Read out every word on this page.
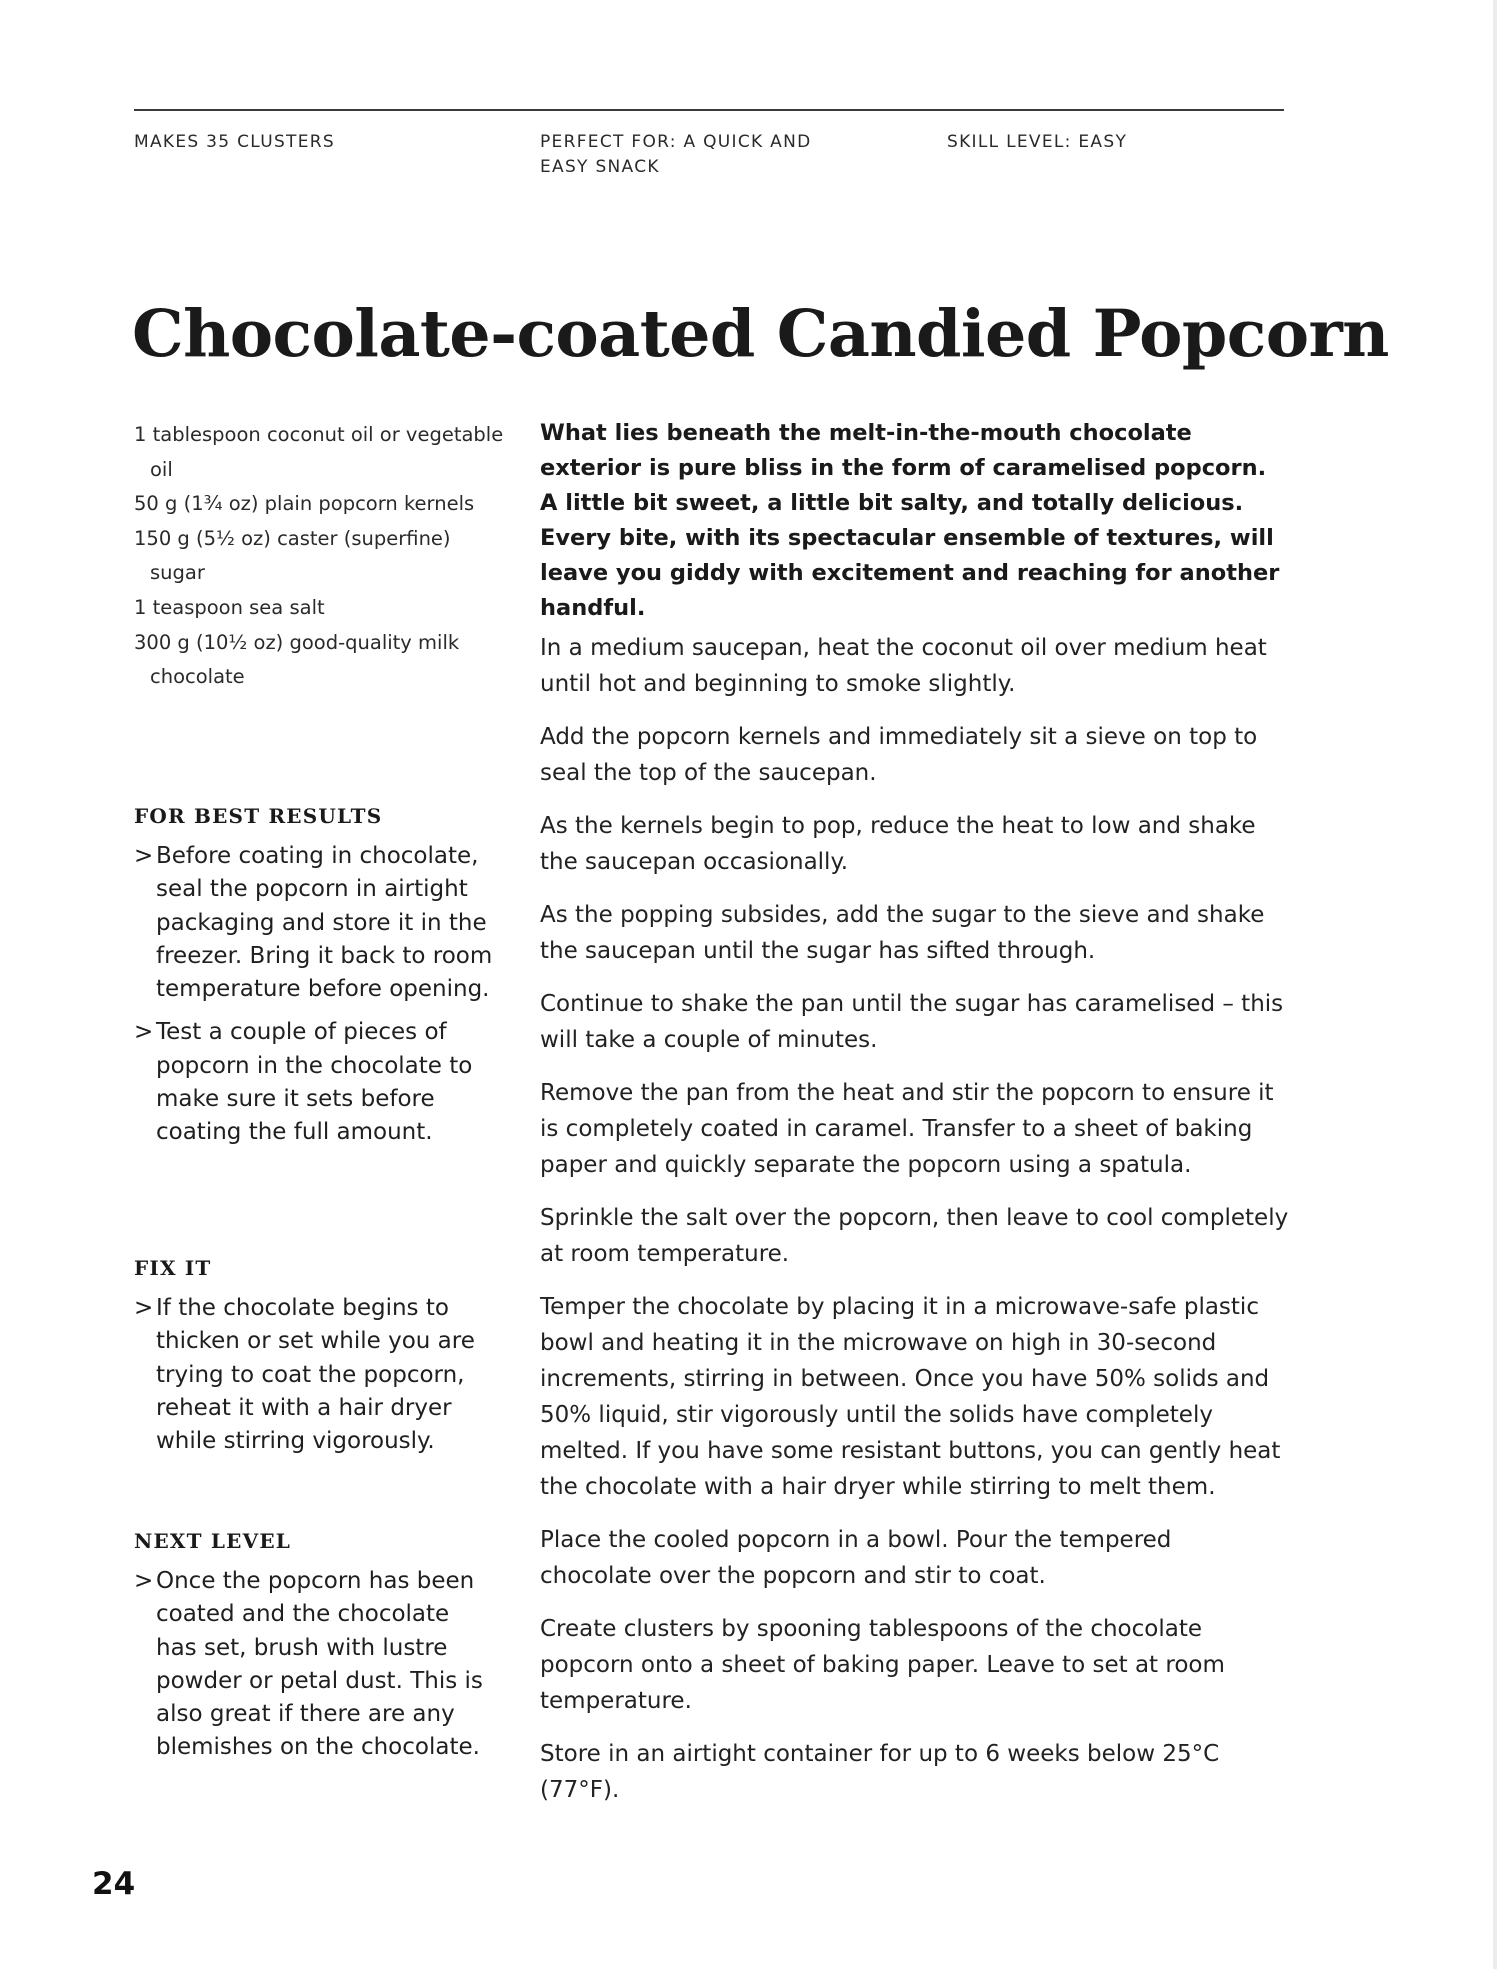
MAKES 35 CLUSTERS	PERFECT FOR: A QUICK AND EASY SNACK
SKILL LEVEL: EASY
Chocolate-coated Candied Popcorn
1 tablespoon coconut oil or vegetable oil
50 g (1¾ oz) plain popcorn kernels
150 g (5½ oz) caster (superfine) sugar
1 teaspoon sea salt
300 g (10½ oz) good-quality milk chocolate
FOR BEST RESULTS
> Before coating in chocolate, seal the popcorn in airtight packaging and store it in the freezer. Bring it back to room temperature before opening.
> Test a couple of pieces of popcorn in the chocolate to make sure it sets before coating the full amount.
FIX IT
> If the chocolate begins to thicken or set while you are trying to coat the popcorn, reheat it with a hair dryer while stirring vigorously.
NEXT LEVEL
> Once the popcorn has been coated and the chocolate has set, brush with lustre powder or petal dust. This is also great if there are any blemishes on the chocolate.

What lies beneath the melt-in-the-mouth chocolate exterior is pure bliss in the form of caramelised popcorn. A little bit sweet, a little bit salty, and totally delicious. Every bite, with its spectacular ensemble of textures, will leave you giddy with excitement and reaching for another handful.

In a medium saucepan, heat the coconut oil over medium heat until hot and beginning to smoke slightly.
Add the popcorn kernels and immediately sit a sieve on top to seal the top of the saucepan.
As the kernels begin to pop, reduce the heat to low and shake the saucepan occasionally.
As the popping subsides, add the sugar to the sieve and shake the saucepan until the sugar has sifted through.
Continue to shake the pan until the sugar has caramelised – this will take a couple of minutes.
Remove the pan from the heat and stir the popcorn to ensure it is completely coated in caramel. Transfer to a sheet of baking paper and quickly separate the popcorn using a spatula.
Sprinkle the salt over the popcorn, then leave to cool completely at room temperature.
Temper the chocolate by placing it in a microwave-safe plastic bowl and heating it in the microwave on high in 30-second increments, stirring in between. Once you have 50% solids and 50% liquid, stir vigorously until the solids have completely melted. If you have some resistant buttons, you can gently heat the chocolate with a hair dryer while stirring to melt them.
Place the cooled popcorn in a bowl. Pour the tempered chocolate over the popcorn and stir to coat.
Create clusters by spooning tablespoons of the chocolate popcorn onto a sheet of baking paper. Leave to set at room temperature.
Store in an airtight container for up to 6 weeks below 25°C (77°F).
24
